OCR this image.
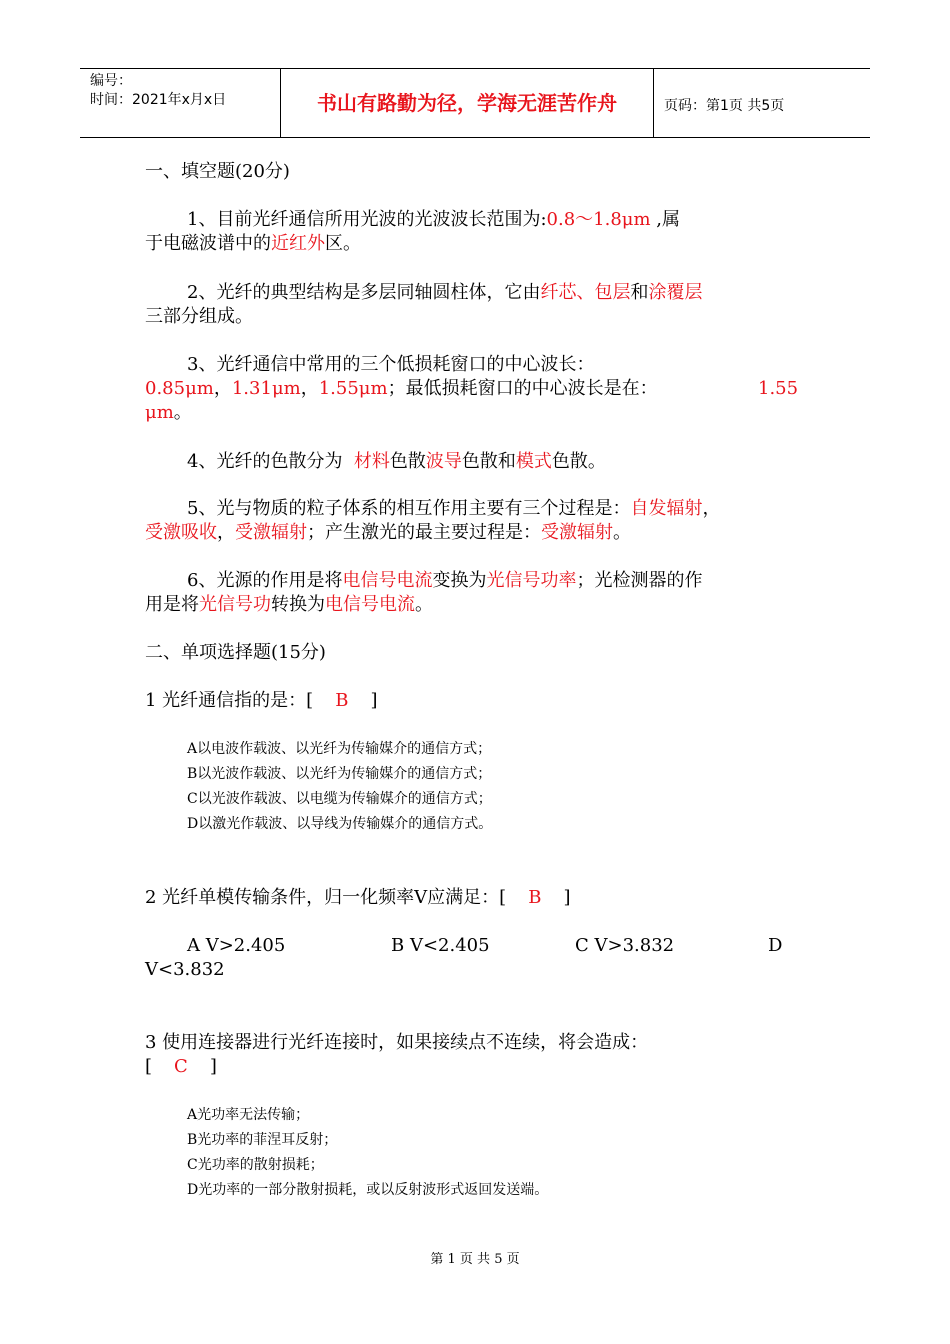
编号：
时间：2021年x月x日	书山有路勤为径，学海无涯苦作舟	页码：第1页 共5页
一、填空题(20分)
1、目前光纤通信所用光波的光波波长范围为:0.8～1.8μm ,属
于电磁波谱中的近红外区。
2、光纤的典型结构是多层同轴圆柱体，它由纤芯、包层和涂覆层
三部分组成。
3、光纤通信中常用的三个低损耗窗口的中心波长：
0.85μm，1.31μm，1.55μm；最低损耗窗口的中心波长是在：	1.55
μm。
4、光纤的色散分为 材料色散波导色散和模式色散。
5、光与物质的粒子体系的相互作用主要有三个过程是：自发辐射，
受激吸收，受激辐射；产生激光的最主要过程是：受激辐射。
6、光源的作用是将电信号电流变换为光信号功率；光检测器的作
用是将光信号功转换为电信号电流。
二、单项选择题(15分)
1 光纤通信指的是：[ B ]
A以电波作载波、以光纤为传输媒介的通信方式；
B以光波作载波、以光纤为传输媒介的通信方式；
C以光波作载波、以电缆为传输媒介的通信方式；
D以激光作载波、以导线为传输媒介的通信方式。
2 光纤单模传输条件，归一化频率V应满足：[ B ]
A V>2.405	B V<2.405	C V>3.832	D
V<3.832
3 使用连接器进行光纤连接时，如果接续点不连续，将会造成：
[ C ]
A光功率无法传输；
B光功率的菲涅耳反射；
C光功率的散射损耗；
D光功率的一部分散射损耗，或以反射波形式返回发送端。
第 1 页 共 5 页
